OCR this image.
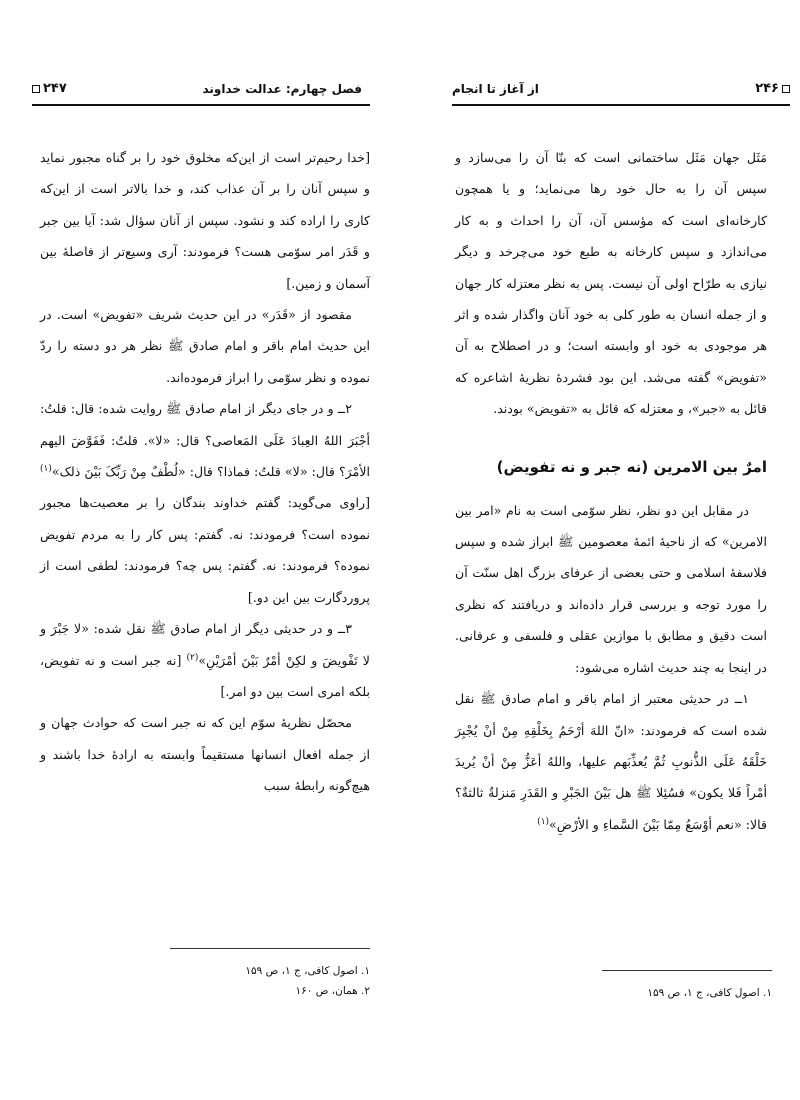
۲۴۷	فصل چهارم: عدالت خداوند

[خدا رحیم‌تر است از این‌که مخلوق خود را بر گناه مجبور نماید و سپس آنان را بر آن عذاب کند، و خدا بالاتر است از این‌که کاری را اراده کند و نشود. سپس از آنان سؤال شد: آیا بین جبر و قَدَر امر سوّمی هست؟ فرمودند: آری وسیع‌تر از فاصلهٔ بین آسمان و زمین.]

مقصود از «قَدَر» در این حدیث شریف «تفویض» است. در این حدیث امام باقر و امام صادق ﷺ نظر هر دو دسته را ردّ نموده و نظر سوّمی را ابراز فرموده‌اند.

۲ــ و در جای دیگر از امام صادق ﷺ روایت شده: قال: قلتُ: أجْبَرَ اللهُ العِبادَ عَلَی المَعاصی؟ قال: «لا». قلتُ: فَفَوَّضَ الیهم الأمْرَ؟ قال: «لا» قلتُ: فماذا؟ قال: «لُطْفٌ مِنْ رَبِّکَ بَیْنَ ذلک»$^{(۱)}$ [راوی می‌گوید: گفتم خداوند بندگان را بر معصیت‌ها مجبور نموده است؟ فرمودند: نه. گفتم: پس کار را به مردم تفویض نموده؟ فرمودند: نه. گفتم: پس چه؟ فرمودند: لطفی است از پروردگارت بین این دو.]

۳ــ و در حدیثی دیگر از امام صادق ﷺ نقل شده: «لا جَبْرَ و لا تَفْویضَ و لکِنْ أمْرٌ بَیْنَ أمْرَیْنِ»$^{(۲)}$ [نه جبر است و نه تفویض، بلکه امری است بین دو امر.]

محصّل نظریهٔ سوّم این که نه جبر است که حوادث جهان و از جمله افعال انسانها مستقیماً وابسته به ارادهٔ خدا باشند و هیچ‌گونه رابطهٔ سبب

۱. اصول کافی، ج ۱، ص ۱۵۹
۲. همان، ص ۱۶۰
از آغاز تا انجام	۲۴۶

مَثَل جهان مَثَل ساختمانی است که بنّا آن را می‌سازد و سپس آن را به حال خود رها می‌نماید؛ و یا همچون کارخانه‌ای است که مؤسس آن، آن را احداث و به کار می‌اندازد و سپس کارخانه به طبع خود می‌چرخد و دیگر نیازی به طرّاح اولی آن نیست. پس به نظر معتزله کار جهان و از جمله انسان به طور کلی به خود آنان واگذار شده و اثر هر موجودی به خود او وابسته است؛ و در اصطلاح به آن «تفویض» گفته می‌شد. این بود فشردهٔ نظریهٔ اشاعره که قائل به «جبر»، و معتزله که قائل به «تفویض» بودند.

امرٌ بین الامرین (نه جبر و نه تفویض)

در مقابل این دو نظر، نظر سوّمی است به نام «امر بین الامرین» که از ناحیهٔ ائمهٔ معصومین ﷺ ابراز شده و سپس فلاسفهٔ اسلامی و حتی بعضی از عرفای بزرگ اهل سنّت آن را مورد توجه و بررسی قرار داده‌اند و دریافتند که نظری است دقیق و مطابق با موازین عقلی و فلسفی و عرفانی. در اینجا به چند حدیث اشاره می‌شود:

۱ــ در حدیثی معتبر از امام باقر و امام صادق ﷺ نقل شده است که فرمودند: «انّ اللهَ أرْحَمُ بِخَلْقِهِ مِنْ أنْ یُجْبِرَ خَلْقَهُ عَلَی الذُّنوبِ ثُمَّ یُعذِّبَهم علیها، واللهُ أعَزُّ مِنْ أنْ یُریدَ أمْراً فَلا یکون» فسُئِلا ﷺ هل بَیْنَ الجَبْرِ و القَدَرِ مَنزلةٌ ثالثةٌ؟ قالا: «نعم أوْسَعُ مِمّا بَیْنَ السَّماءِ و الأرْضِ»$^{(۱)}$

۱. اصول کافی، ج ۱، ص ۱۵۹
